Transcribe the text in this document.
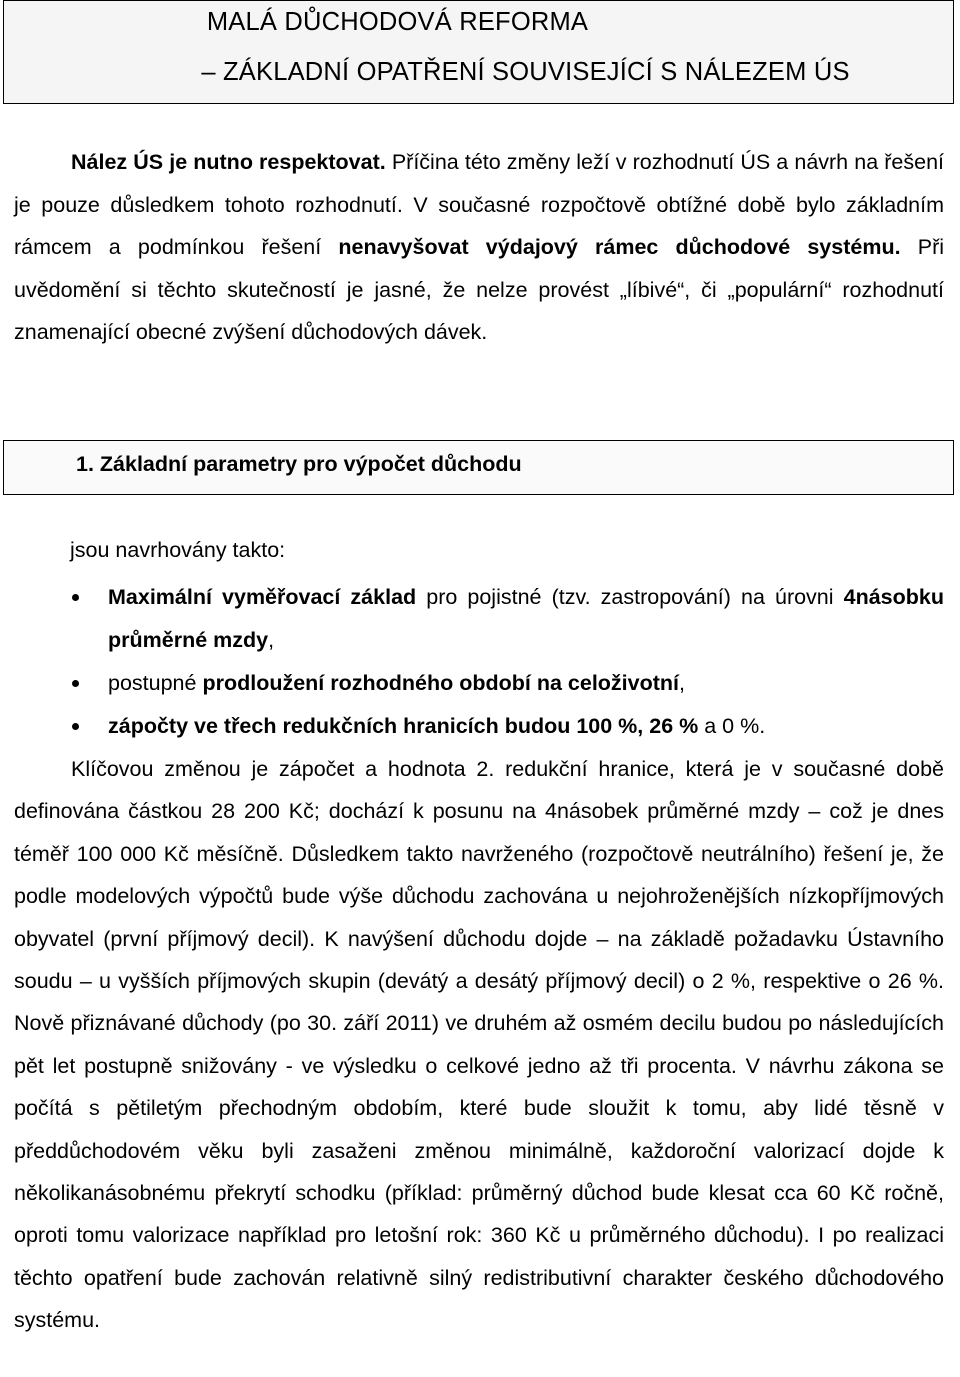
MALÁ DŮCHODOVÁ REFORMA
– ZÁKLADNÍ OPATŘENÍ SOUVISEJÍCÍ S NÁLEZEM ÚS
Nález ÚS je nutno respektovat. Příčina této změny leží v rozhodnutí ÚS a návrh na řešení je pouze důsledkem tohoto rozhodnutí. V současné rozpočtově obtížné době bylo základním rámcem a podmínkou řešení nenavyšovat výdajový rámec důchodové systému. Při uvědomění si těchto skutečností je jasné, že nelze provést „líbivé“, či „populární“ rozhodnutí znamenající obecné zvýšení důchodových dávek.
1. Základní parametry pro výpočet důchodu
jsou navrhovány takto:
Maximální vyměřovací základ pro pojistné (tzv. zastropování) na úrovni 4násobku průměrné mzdy,
postupné prodloužení rozhodného období na celoživotní,
zápočty ve třech redukčních hranicích budou 100 %, 26 % a 0 %.
Klíčovou změnou je zápočet a hodnota 2. redukční hranice, která je v současné době definována částkou 28 200 Kč; dochází k posunu na 4násobek průměrné mzdy – což je dnes téměř 100 000 Kč měsíčně. Důsledkem takto navrženého (rozpočtově neutrálního) řešení je, že podle modelových výpočtů bude výše důchodu zachována u nejohroženějších nízkopříjmových obyvatel (první příjmový decil). K navýšení důchodu dojde – na základě požadavku Ústavního soudu – u vyšších příjmových skupin (devátý a desátý příjmový decil) o 2 %, respektive o 26 %. Nově přiznávané důchody (po 30. září 2011) ve druhém až osmém decilu budou po následujících pět let postupně snižovány - ve výsledku o celkové jedno až tři procenta. V návrhu zákona se počítá s pětiletým přechodným obdobím, které bude sloužit k tomu, aby lidé těsně v předdůchodovém věku byli zasaženi změnou minimálně, každoroční valorizací dojde k několikanásobnému překrytí schodku (příklad: průměrný důchod bude klesat cca 60 Kč ročně, oproti tomu valorizace například pro letošní rok: 360 Kč u průměrného důchodu). I po realizaci těchto opatření bude zachován relativně silný redistributivní charakter českého důchodového systému.
